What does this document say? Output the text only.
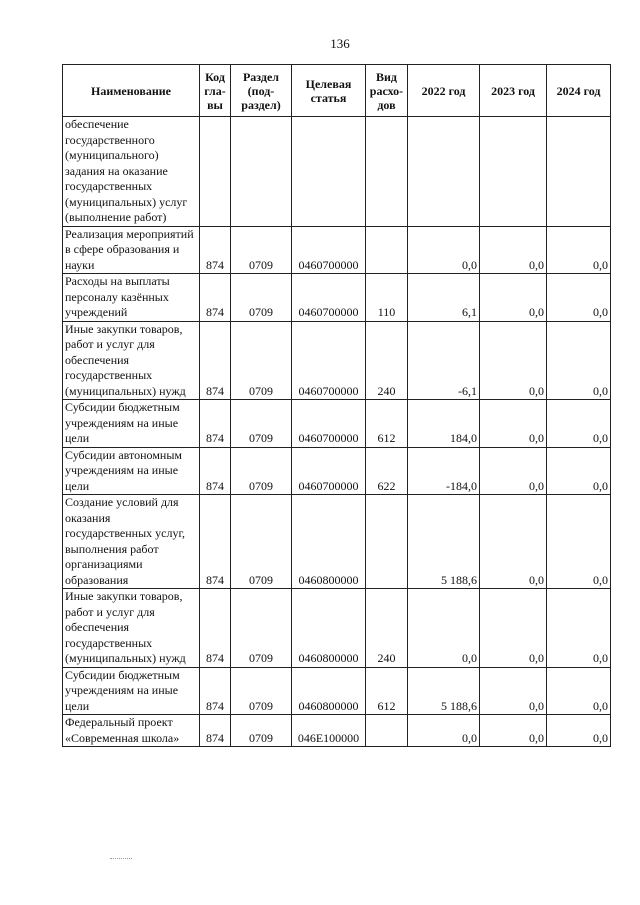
136
Наименование	Код гла- вы	Раздел (под- раздел)	Целевая статья	Вид расхо- дов	2022 год	2023 год	2024 год
обеспечение государственного (муниципального) задания на оказание государственных (муниципальных) услуг (выполнение работ)							
Реализация мероприятий в сфере образования и науки	874	0709	0460700000		0,0	0,0	0,0
Расходы на выплаты персоналу казённых учреждений	874	0709	0460700000	110	6,1	0,0	0,0
Иные закупки товаров, работ и услуг для обеспечения государственных (муниципальных) нужд	874	0709	0460700000	240	-6,1	0,0	0,0
Субсидии бюджетным учреждениям на иные цели	874	0709	0460700000	612	184,0	0,0	0,0
Субсидии автономным учреждениям на иные цели	874	0709	0460700000	622	-184,0	0,0	0,0
Создание условий для оказания государственных услуг, выполнения работ организациями образования	874	0709	0460800000		5 188,6	0,0	0,0
Иные закупки товаров, работ и услуг для обеспечения государственных (муниципальных) нужд	874	0709	0460800000	240	0,0	0,0	0,0
Субсидии бюджетным учреждениям на иные цели	874	0709	0460800000	612	5 188,6	0,0	0,0
Федеральный проект «Современная школа»	874	0709	046E100000		0,0	0,0	0,0
